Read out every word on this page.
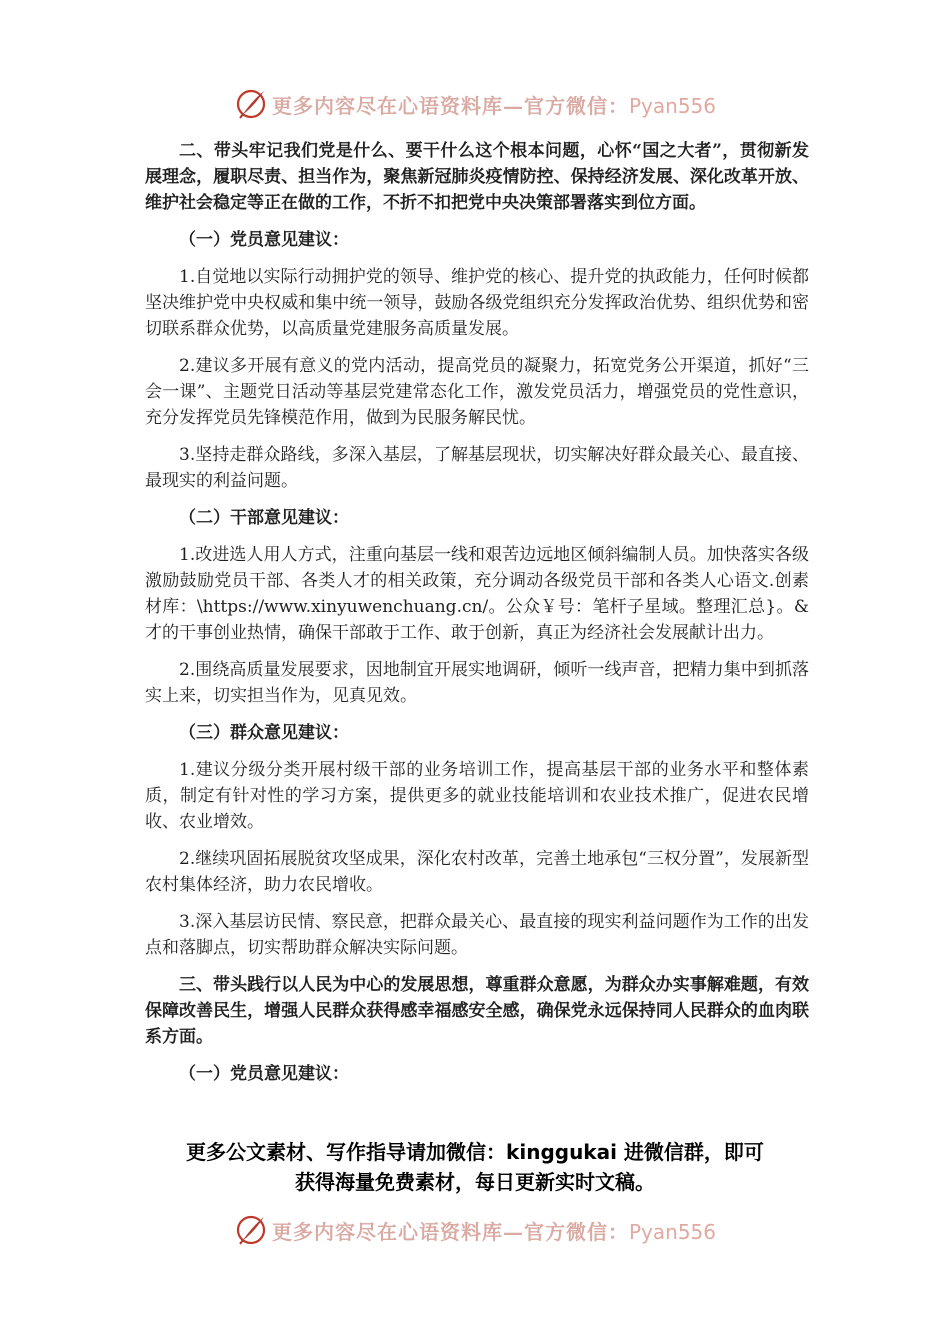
更多内容尽在心语资料库—官方微信：Pyan556

二、带头牢记我们党是什么、要干什么这个根本问题，心怀“国之大者”，贯彻新发展理念，履职尽责、担当作为，聚焦新冠肺炎疫情防控、保持经济发展、深化改革开放、维护社会稳定等正在做的工作，不折不扣把党中央决策部署落实到位方面。

（一）党员意见建议：

1.自觉地以实际行动拥护党的领导、维护党的核心、提升党的执政能力，任何时候都坚决维护党中央权威和集中统一领导，鼓励各级党组织充分发挥政治优势、组织优势和密切联系群众优势，以高质量党建服务高质量发展。

2.建议多开展有意义的党内活动，提高党员的凝聚力，拓宽党务公开渠道，抓好“三会一课”、主题党日活动等基层党建常态化工作，激发党员活力，增强党员的党性意识，充分发挥党员先锋模范作用，做到为民服务解民忧。

3.坚持走群众路线，多深入基层，了解基层现状，切实解决好群众最关心、最直接、最现实的利益问题。

（二）干部意见建议：

1.改进选人用人方式，注重向基层一线和艰苦边远地区倾斜编制人员。加快落实各级激励鼓励党员干部、各类人才的相关政策，充分调动各级党员干部和各类人心语文.创素材库：\https://www.xinyuwenchuang.cn/。公众￥号：笔杆子星域。整理汇总}。&才的干事创业热情，确保干部敢于工作、敢于创新，真正为经济社会发展献计出力。

2.围绕高质量发展要求，因地制宜开展实地调研，倾听一线声音，把精力集中到抓落实上来，切实担当作为，见真见效。

（三）群众意见建议：

1.建议分级分类开展村级干部的业务培训工作，提高基层干部的业务水平和整体素质，制定有针对性的学习方案，提供更多的就业技能培训和农业技术推广，促进农民增收、农业增效。

2.继续巩固拓展脱贫攻坚成果，深化农村改革，完善土地承包“三权分置”，发展新型农村集体经济，助力农民增收。

3.深入基层访民情、察民意，把群众最关心、最直接的现实利益问题作为工作的出发点和落脚点，切实帮助群众解决实际问题。

三、带头践行以人民为中心的发展思想，尊重群众意愿，为群众办实事解难题，有效保障改善民生，增强人民群众获得感幸福感安全感，确保党永远保持同人民群众的血肉联系方面。

（一）党员意见建议：

更多公文素材、写作指导请加微信：kinggukai 进微信群，即可
获得海量免费素材，每日更新实时文稿。
更多内容尽在心语资料库—官方微信：Pyan556
